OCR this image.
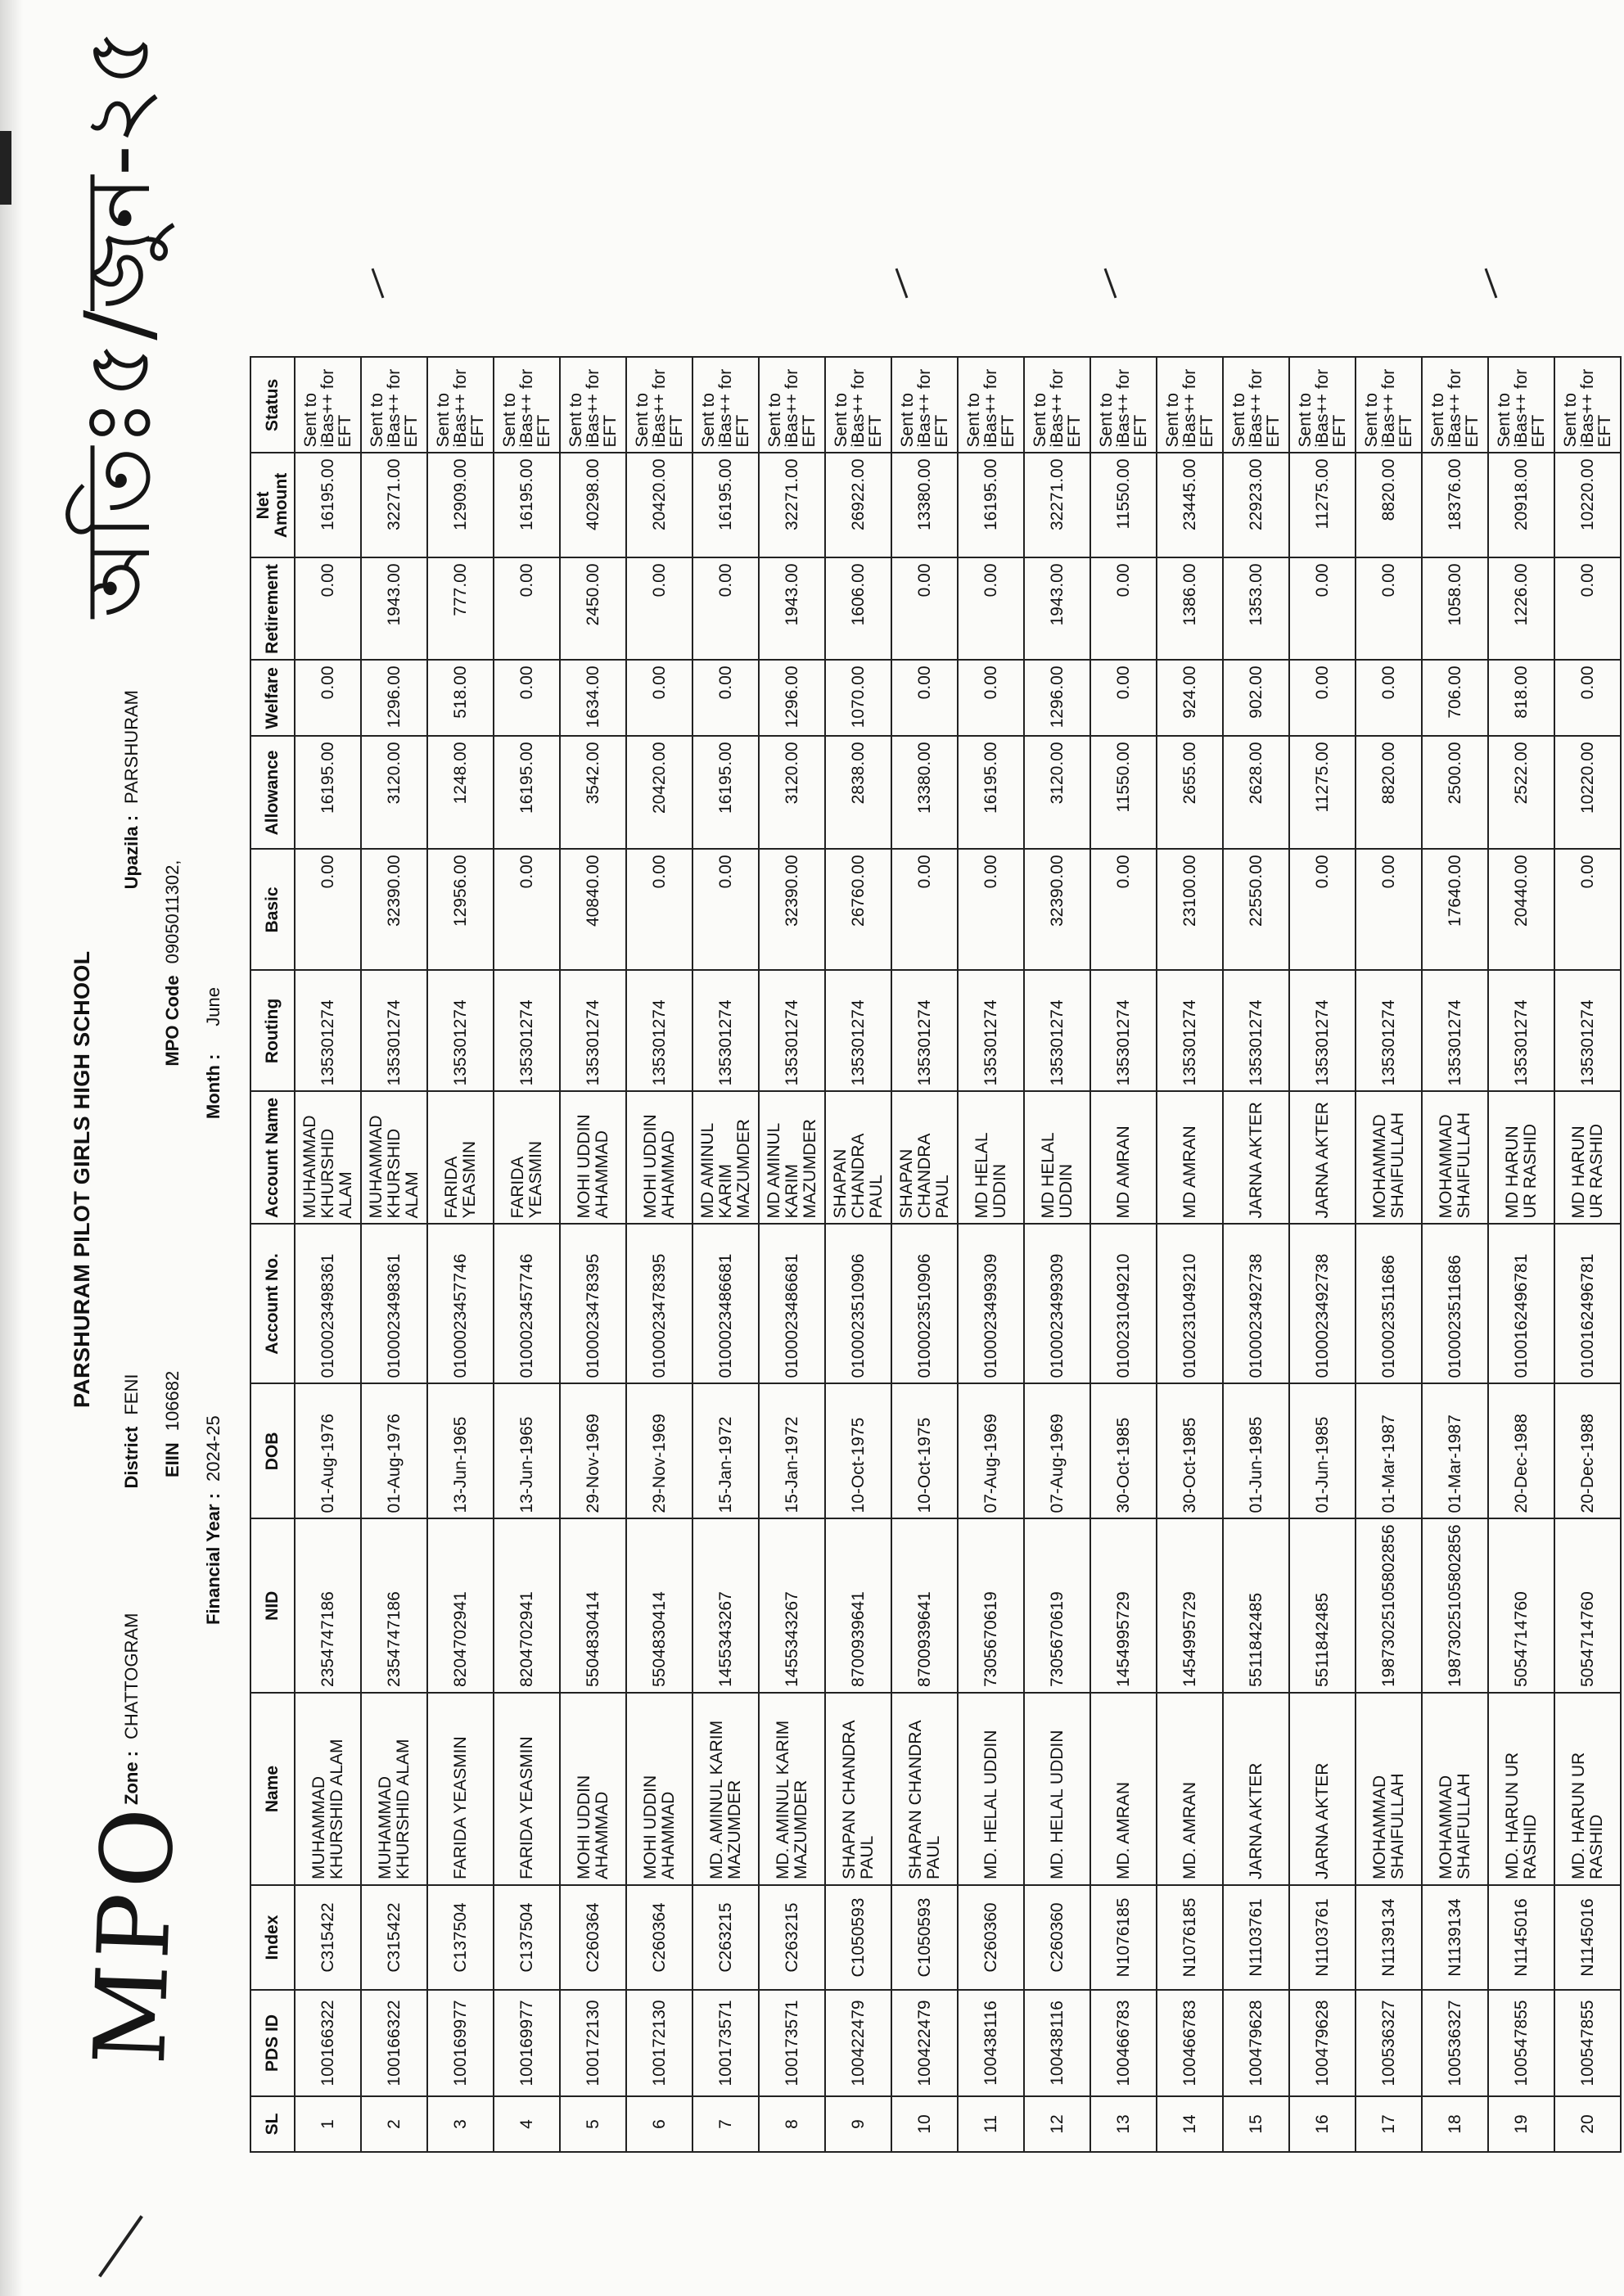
PARSHURAM PILOT GIRLS HIGH SCHOOL
Zone :CHATTOGRAM DistrictFENI Upazila :PARSHURAM
EIIN106682 MPO Code0905011302,
Financial Year :2024-25 Month :June
অতিঃ৫/জুন-২৫
SL	PDS ID	Index	Name	NID	DOB	Account No.	Account Name	Routing	Basic	Allowance	Welfare	Retirement	Net Amount	Status
1	100166322	C315422	MUHAMMAD KHURSHID ALAM	2354747186	01-Aug-1976	0100023498361	MUHAMMAD KHURSHID ALAM	135301274	0.00	16195.00	0.00	0.00	16195.00	Sent to iBas++ for EFT
2	100166322	C315422	MUHAMMAD KHURSHID ALAM	2354747186	01-Aug-1976	0100023498361	MUHAMMAD KHURSHID ALAM	135301274	32390.00	3120.00	1296.00	1943.00	32271.00	Sent to iBas++ for EFT
3	100169977	C137504	FARIDA YEASMIN	8204702941	13-Jun-1965	0100023457746	FARIDA YEASMIN	135301274	12956.00	1248.00	518.00	777.00	12909.00	Sent to iBas++ for EFT
4	100169977	C137504	FARIDA YEASMIN	8204702941	13-Jun-1965	0100023457746	FARIDA YEASMIN	135301274	0.00	16195.00	0.00	0.00	16195.00	Sent to iBas++ for EFT
5	100172130	C260364	MOHI UDDIN AHAMMAD	5504830414	29-Nov-1969	0100023478395	MOHI UDDIN AHAMMAD	135301274	40840.00	3542.00	1634.00	2450.00	40298.00	Sent to iBas++ for EFT
6	100172130	C260364	MOHI UDDIN AHAMMAD	5504830414	29-Nov-1969	0100023478395	MOHI UDDIN AHAMMAD	135301274	0.00	20420.00	0.00	0.00	20420.00	Sent to iBas++ for EFT
7	100173571	C263215	MD. AMINUL KARIM MAZUMDER	1455343267	15-Jan-1972	0100023486681	MD AMINUL KARIM MAZUMDER	135301274	0.00	16195.00	0.00	0.00	16195.00	Sent to iBas++ for EFT
8	100173571	C263215	MD. AMINUL KARIM MAZUMDER	1455343267	15-Jan-1972	0100023486681	MD AMINUL KARIM MAZUMDER	135301274	32390.00	3120.00	1296.00	1943.00	32271.00	Sent to iBas++ for EFT
9	100422479	C1050593	SHAPAN CHANDRA PAUL	8700939641	10-Oct-1975	0100023510906	SHAPAN CHANDRA PAUL	135301274	26760.00	2838.00	1070.00	1606.00	26922.00	Sent to iBas++ for EFT
10	100422479	C1050593	SHAPAN CHANDRA PAUL	8700939641	10-Oct-1975	0100023510906	SHAPAN CHANDRA PAUL	135301274	0.00	13380.00	0.00	0.00	13380.00	Sent to iBas++ for EFT
11	100438116	C260360	MD. HELAL UDDIN	7305670619	07-Aug-1969	0100023499309	MD HELAL UDDIN	135301274	0.00	16195.00	0.00	0.00	16195.00	Sent to iBas++ for EFT
12	100438116	C260360	MD. HELAL UDDIN	7305670619	07-Aug-1969	0100023499309	MD HELAL UDDIN	135301274	32390.00	3120.00	1296.00	1943.00	32271.00	Sent to iBas++ for EFT
13	100466783	N1076185	MD. AMRAN	1454995729	30-Oct-1985	0100231049210	MD AMRAN	135301274	0.00	11550.00	0.00	0.00	11550.00	Sent to iBas++ for EFT
14	100466783	N1076185	MD. AMRAN	1454995729	30-Oct-1985	0100231049210	MD AMRAN	135301274	23100.00	2655.00	924.00	1386.00	23445.00	Sent to iBas++ for EFT
15	100479628	N1103761	JARNA AKTER	5511842485	01-Jun-1985	0100023492738	JARNA AKTER	135301274	22550.00	2628.00	902.00	1353.00	22923.00	Sent to iBas++ for EFT
16	100479628	N1103761	JARNA AKTER	5511842485	01-Jun-1985	0100023492738	JARNA AKTER	135301274	0.00	11275.00	0.00	0.00	11275.00	Sent to iBas++ for EFT
17	100536327	N1139134	MOHAMMAD SHAIFULLAH	19873025105802856	01-Mar-1987	0100023511686	MOHAMMAD SHAIFULLAH	135301274	0.00	8820.00	0.00	0.00	8820.00	Sent to iBas++ for EFT
18	100536327	N1139134	MOHAMMAD SHAIFULLAH	19873025105802856	01-Mar-1987	0100023511686	MOHAMMAD SHAIFULLAH	135301274	17640.00	2500.00	706.00	1058.00	18376.00	Sent to iBas++ for EFT
19	100547855	N1145016	MD. HARUN UR RASHID	5054714760	20-Dec-1988	0100162496781	MD HARUN UR RASHID	135301274	20440.00	2522.00	818.00	1226.00	20918.00	Sent to iBas++ for EFT
20	100547855	N1145016	MD. HARUN UR RASHID	5054714760	20-Dec-1988	0100162496781	MD HARUN UR RASHID	135301274	0.00	10220.00	0.00	0.00	10220.00	Sent to iBas++ for EFT
MPO
